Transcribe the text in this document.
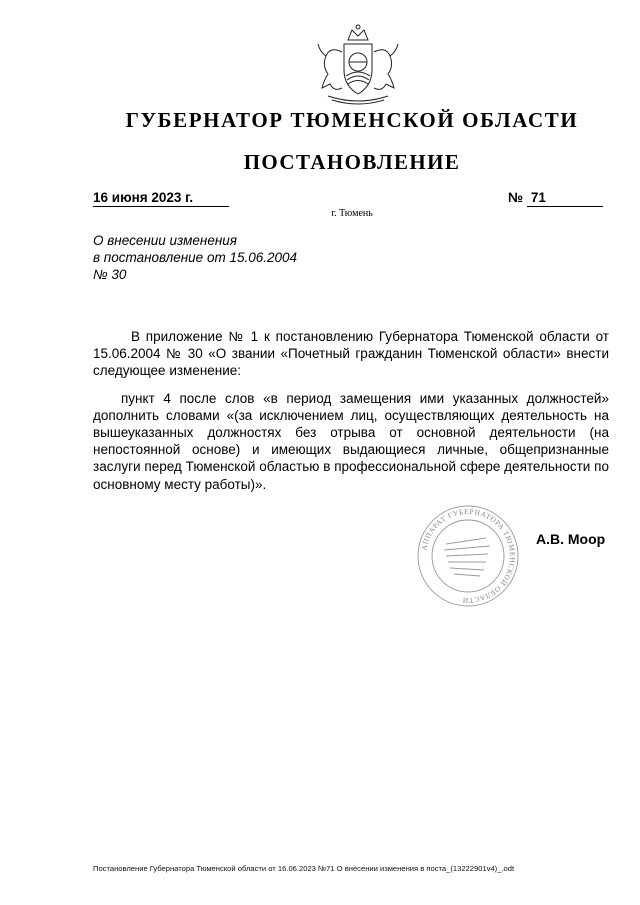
ГУБЕРНАТОР ТЮМЕНСКОЙ ОБЛАСТИ
ПОСТАНОВЛЕНИЕ
16 июня 2023 г.	№ 71
г. Тюмень
О внесении изменения
в постановление от 15.06.2004
№ 30

В приложение № 1 к постановлению Губернатора Тюменской области от 15.06.2004 № 30 «О звании «Почетный гражданин Тюменской области» внести следующее изменение:

пункт 4 после слов «в период замещения ими указанных должностей» дополнить словами «(за исключением лиц, осуществляющих деятельность на вышеуказанных должностях без отрыва от основной деятельности (на непостоянной основе) и имеющих выдающиеся личные, общепризнанные заслуги перед Тюменской областью в профессиональной сфере деятельности по основному месту работы)».

АППАРАТ ГУБЕРНАТОРА ТЮМЕНСКОЙ ОБЛАСТИ
А.В. Моор
Постановление Губернатора Тюменской области от 16.06.2023 №71 О внесении изменения в поста_(13222901v4)_.odt
